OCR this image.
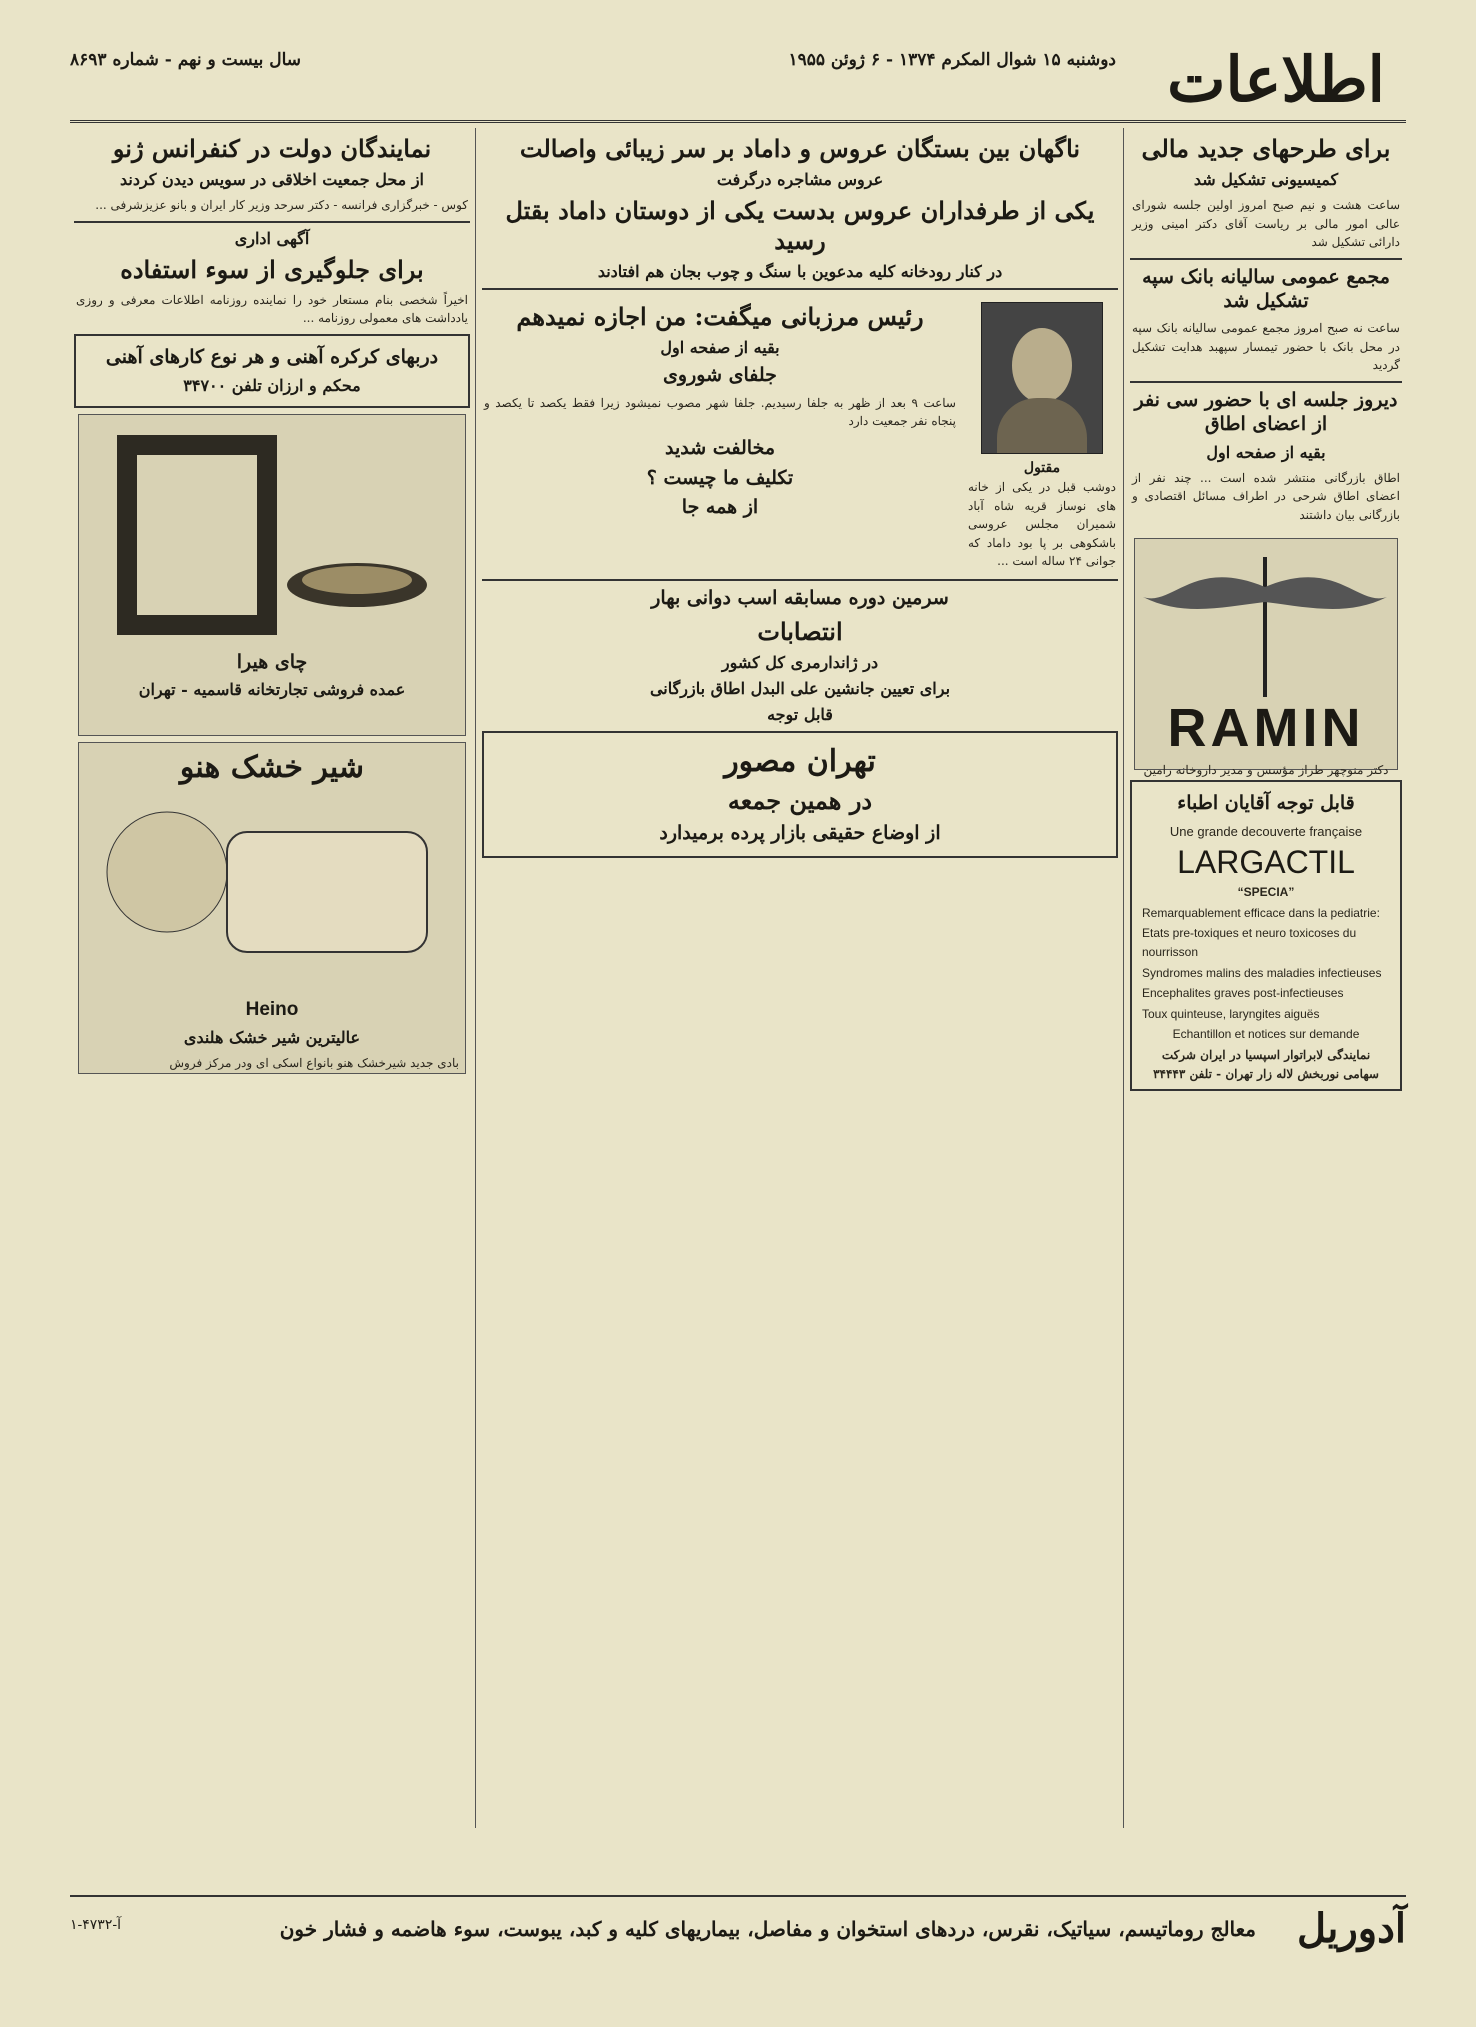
اطلاعات
دوشنبه ۱۵ شوال المکرم ۱۳۷۴ - ۶ ژوئن ۱۹۵۵
سال بیست و نهم - شماره ۸۶۹۳
برای طرحهای جدید مالی
کمیسیونی تشکیل شد
ساعت هشت و نیم صبح امروز اولین جلسه شورای عالی امور مالی بر ریاست آقای دکتر امینی وزیر دارائی تشکیل شد
مجمع عمومی سالیانه بانک سپه تشکیل شد
ساعت نه صبح امروز مجمع عمومی سالیانه بانک سپه در محل بانک با حضور تیمسار سپهبد هدایت تشکیل گردید
دیروز جلسه ای با حضور سی نفر از اعضای اطاق
بقیه از صفحه اول
اطاق بازرگانی منتشر شده است ... چند نفر از اعضای اطاق شرحی در اطراف مسائل اقتصادی و بازرگانی بیان داشتند
RAMIN
دکتر منوچهر طراز مؤسس و مدیر داروخانه رامین
قابل توجه آقایان اطباء
Une grande decouverte française
LARGACTIL
“SPECIA”
Remarquablement efficace dans la pediatrie:
Etats pre-toxiques et neuro toxicoses du nourrisson
Syndromes malins des maladies infectieuses
Encephalites graves post-infectieuses
Toux quinteuse, laryngites aiguës
Echantillon et notices sur demande
نمایندگی لابراتوار اسپسیا در ایران شرکت سهامی نوربخش لاله زار تهران - تلفن ۳۴۴۴۳
ناگهان بین بستگان عروس و داماد بر سر زیبائی واصالت
عروس مشاجره درگرفت
یکی از طرفداران عروس بدست یکی از دوستان داماد بقتل رسید
در کنار رودخانه کلیه مدعوین با سنگ و چوب بجان هم افتادند
مقتول
دوشب قبل در یکی از خانه های نوساز قریه شاه آباد شمیران مجلس عروسی باشکوهی بر پا بود داماد که جوانی ۲۴ ساله است ...
رئیس مرزبانی میگفت: من اجازه نمیدهم
بقیه از صفحه اول
جلفای شوروی
ساعت ۹ بعد از ظهر به جلفا رسیدیم. جلفا شهر مصوب نمیشود زیرا فقط یکصد تا یکصد و پنجاه نفر جمعیت دارد
مخالفت شدید
تکلیف ما چیست ؟
از همه جا
سرمین دوره مسابقه اسب دوانی بهار
انتصابات
در ژاندارمری کل کشور
برای تعیین جانشین علی البدل اطاق بازرگانی
قابل توجه
تهران مصور
در همین جمعه
از اوضاع حقیقی بازار پرده برمیدارد
نمایندگان دولت در کنفرانس ژنو
از محل جمعیت اخلاقی در سویس دیدن کردند
کوس - خبرگزاری فرانسه - دکتر سرحد وزیر کار ایران و بانو عزیزشرفی ...
آگهی اداری
برای جلوگیری از سوء استفاده
اخیراً شخصی بنام مستعار خود را نماینده روزنامه اطلاعات معرفی و روزی یادداشت های معمولی روزنامه ...
دربهای کرکره آهنی و هر نوع کارهای آهنی
محکم و ارزان تلفن ۳۴۷۰۰
چای هیرا
عمده فروشی تجارتخانه قاسمیه - تهران
شیر خشک هنو
Heino
عالیترین شیر خشک هلندی
بادی جدید شیرخشک هنو بانواع اسکی ای ودر مرکز فروش
آدوریل
معالج روماتیسم، سیاتیک، نقرس، دردهای استخوان و مفاصل، بیماریهای کلیه و کبد، یبوست، سوء هاضمه و فشار خون
آ-۴۷۳۲-۱
